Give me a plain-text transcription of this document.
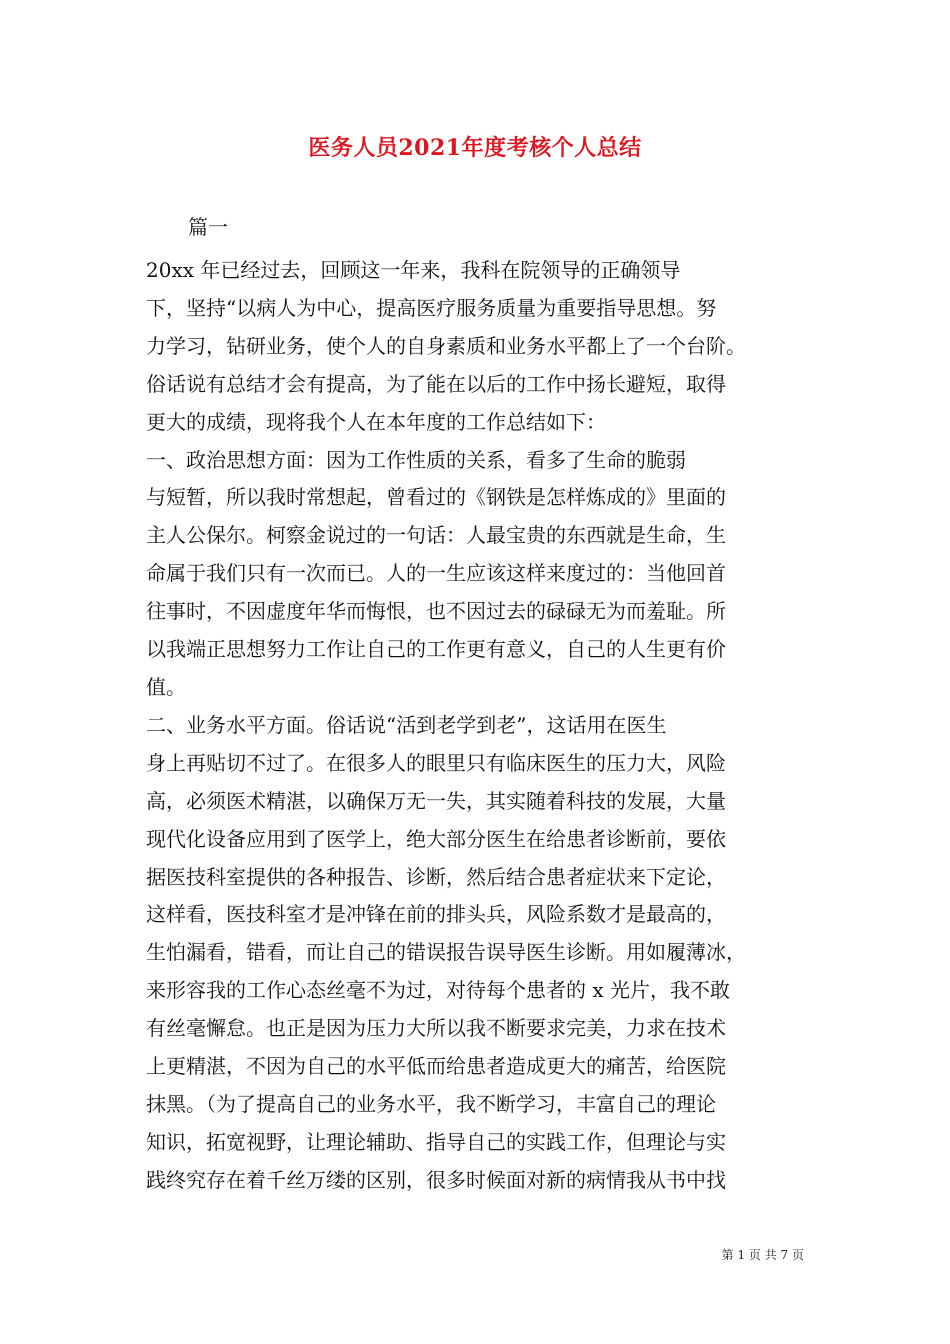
医务人员2021年度考核个人总结
篇一

20xx 年已经过去，回顾这一年来，我科在院领导的正确领导
下，坚持“以病人为中心，提高医疗服务质量为重要指导思想。努
力学习，钻研业务，使个人的自身素质和业务水平都上了一个台阶。
俗话说有总结才会有提高，为了能在以后的工作中扬长避短，取得
更大的成绩，现将我个人在本年度的工作总结如下：

一、政治思想方面：因为工作性质的关系，看多了生命的脆弱
与短暂，所以我时常想起，曾看过的《钢铁是怎样炼成的》里面的
主人公保尔。柯察金说过的一句话：人最宝贵的东西就是生命，生
命属于我们只有一次而已。人的一生应该这样来度过的：当他回首
往事时，不因虚度年华而悔恨，也不因过去的碌碌无为而羞耻。所
以我端正思想努力工作让自己的工作更有意义，自己的人生更有价
值。

二、业务水平方面。俗话说“活到老学到老”，这话用在医生
身上再贴切不过了。在很多人的眼里只有临床医生的压力大，风险
高，必须医术精湛，以确保万无一失，其实随着科技的发展，大量
现代化设备应用到了医学上，绝大部分医生在给患者诊断前，要依
据医技科室提供的各种报告、诊断，然后结合患者症状来下定论，
这样看，医技科室才是冲锋在前的排头兵，风险系数才是最高的，
生怕漏看，错看，而让自己的错误报告误导医生诊断。用如履薄冰，
来形容我的工作心态丝毫不为过，对待每个患者的 x 光片，我不敢
有丝毫懈怠。也正是因为压力大所以我不断要求完美，力求在技术
上更精湛，不因为自己的水平低而给患者造成更大的痛苦，给医院
抹黑。（为了提高自己的业务水平，我不断学习，丰富自己的理论
知识，拓宽视野，让理论辅助、指导自己的实践工作，但理论与实
践终究存在着千丝万缕的区别，很多时候面对新的病情我从书中找

第 1 页 共 7 页
